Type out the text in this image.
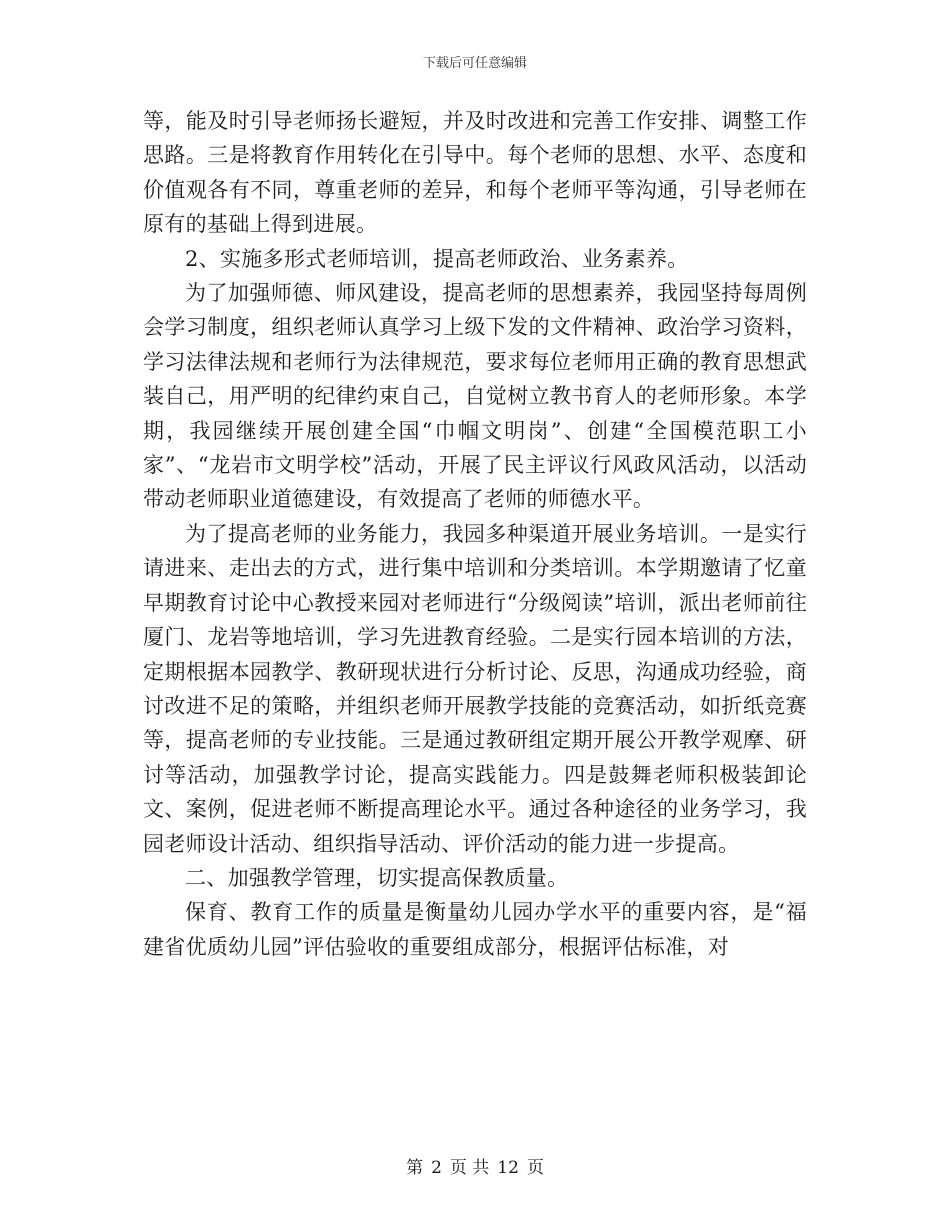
下载后可任意编辑

等，能及时引导老师扬长避短，并及时改进和完善工作安排、调整工作思路。三是将教育作用转化在引导中。每个老师的思想、水平、态度和价值观各有不同，尊重老师的差异，和每个老师平等沟通，引导老师在原有的基础上得到进展。

2、实施多形式老师培训，提高老师政治、业务素养。

为了加强师德、师风建设，提高老师的思想素养，我园坚持每周例会学习制度，组织老师认真学习上级下发的文件精神、政治学习资料，学习法律法规和老师行为法律规范，要求每位老师用正确的教育思想武装自己，用严明的纪律约束自己，自觉树立教书育人的老师形象。本学期，我园继续开展创建全国“巾帼文明岗”、创建“全国模范职工小家”、“龙岩市文明学校”活动，开展了民主评议行风政风活动，以活动带动老师职业道德建设，有效提高了老师的师德水平。

为了提高老师的业务能力，我园多种渠道开展业务培训。一是实行请进来、走出去的方式，进行集中培训和分类培训。本学期邀请了忆童早期教育讨论中心教授来园对老师进行“分级阅读”培训，派出老师前往厦门、龙岩等地培训，学习先进教育经验。二是实行园本培训的方法，定期根据本园教学、教研现状进行分析讨论、反思，沟通成功经验，商讨改进不足的策略，并组织老师开展教学技能的竞赛活动，如折纸竞赛等，提高老师的专业技能。三是通过教研组定期开展公开教学观摩、研讨等活动，加强教学讨论，提高实践能力。四是鼓舞老师积极装卸论文、案例，促进老师不断提高理论水平。通过各种途径的业务学习，我园老师设计活动、组织指导活动、评价活动的能力进一步提高。

二、加强教学管理，切实提高保教质量。

保育、教育工作的质量是衡量幼儿园办学水平的重要内容，是“福建省优质幼儿园”评估验收的重要组成部分，根据评估标准，对

第 2 页 共 12 页
